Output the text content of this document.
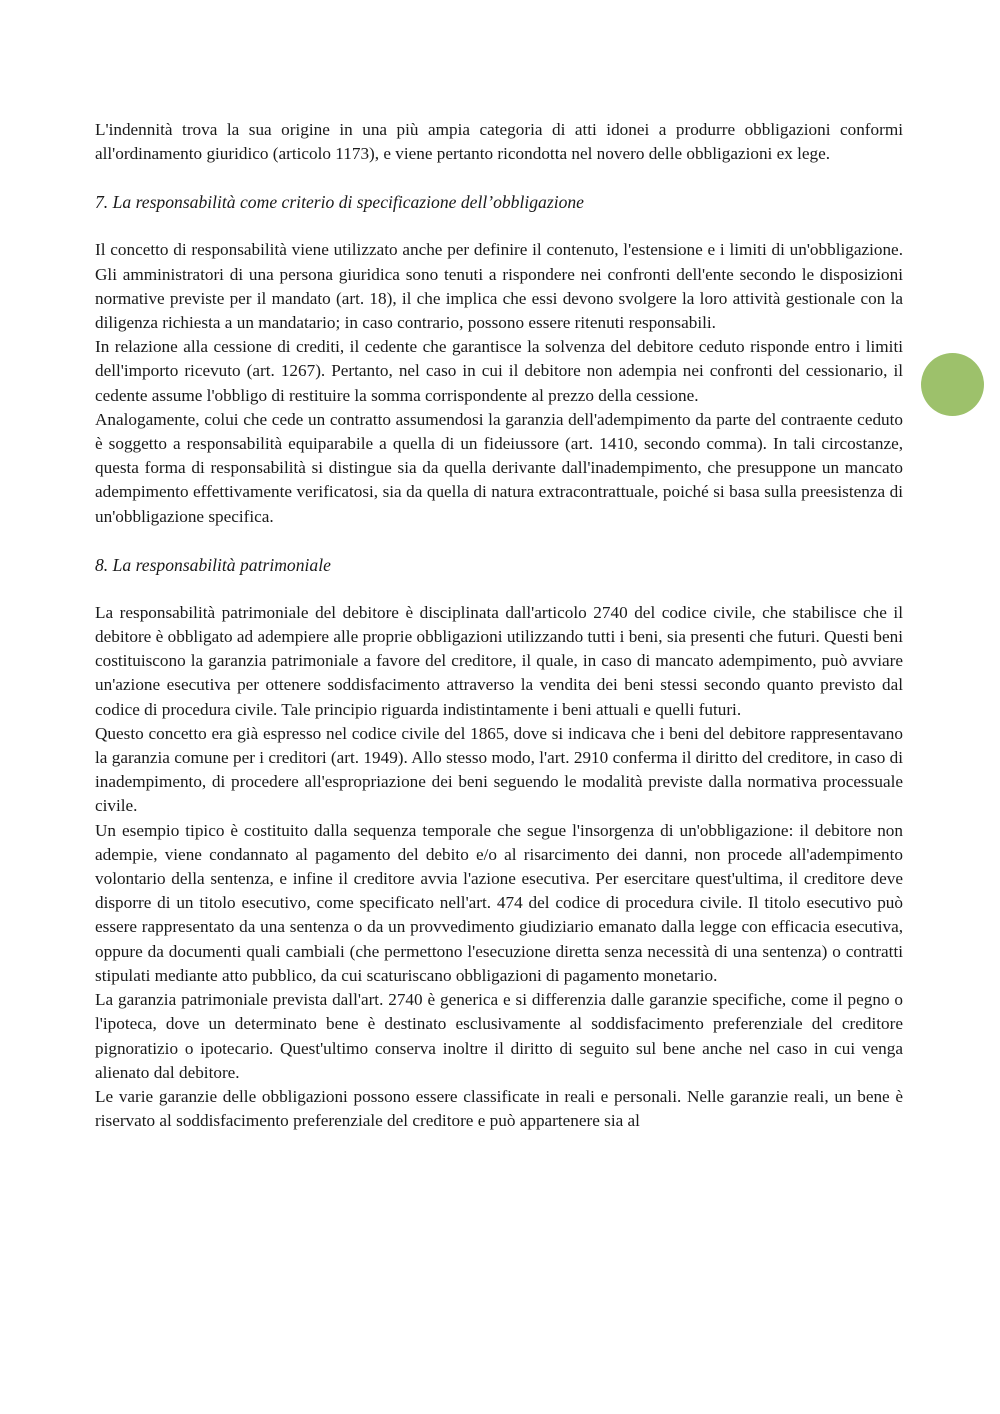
L'indennità trova la sua origine in una più ampia categoria di atti idonei a produrre obbligazioni conformi all'ordinamento giuridico (articolo 1173), e viene pertanto ricondotta nel novero delle obbligazioni ex lege.

7. La responsabilità come criterio di specificazione dell’obbligazione

Il concetto di responsabilità viene utilizzato anche per definire il contenuto, l'estensione e i limiti di un'obbligazione. Gli amministratori di una persona giuridica sono tenuti a rispondere nei confronti dell'ente secondo le disposizioni normative previste per il mandato (art. 18), il che implica che essi devono svolgere la loro attività gestionale con la diligenza richiesta a un mandatario; in caso contrario, possono essere ritenuti responsabili.

In relazione alla cessione di crediti, il cedente che garantisce la solvenza del debitore ceduto risponde entro i limiti dell'importo ricevuto (art. 1267). Pertanto, nel caso in cui il debitore non adempia nei confronti del cessionario, il cedente assume l'obbligo di restituire la somma corrispondente al prezzo della cessione.

Analogamente, colui che cede un contratto assumendosi la garanzia dell'adempimento da parte del contraente ceduto è soggetto a responsabilità equiparabile a quella di un fideiussore (art. 1410, secondo comma). In tali circostanze, questa forma di responsabilità si distingue sia da quella derivante dall'inadempimento, che presuppone un mancato adempimento effettivamente verificatosi, sia da quella di natura extracontrattuale, poiché si basa sulla preesistenza di un'obbligazione specifica.

8. La responsabilità patrimoniale

La responsabilità patrimoniale del debitore è disciplinata dall'articolo 2740 del codice civile, che stabilisce che il debitore è obbligato ad adempiere alle proprie obbligazioni utilizzando tutti i beni, sia presenti che futuri. Questi beni costituiscono la garanzia patrimoniale a favore del creditore, il quale, in caso di mancato adempimento, può avviare un'azione esecutiva per ottenere soddisfacimento attraverso la vendita dei beni stessi secondo quanto previsto dal codice di procedura civile. Tale principio riguarda indistintamente i beni attuali e quelli futuri.

Questo concetto era già espresso nel codice civile del 1865, dove si indicava che i beni del debitore rappresentavano la garanzia comune per i creditori (art. 1949). Allo stesso modo, l'art. 2910 conferma il diritto del creditore, in caso di inadempimento, di procedere all'espropriazione dei beni seguendo le modalità previste dalla normativa processuale civile.

Un esempio tipico è costituito dalla sequenza temporale che segue l'insorgenza di un'obbligazione: il debitore non adempie, viene condannato al pagamento del debito e/o al risarcimento dei danni, non procede all'adempimento volontario della sentenza, e infine il creditore avvia l'azione esecutiva. Per esercitare quest'ultima, il creditore deve disporre di un titolo esecutivo, come specificato nell'art. 474 del codice di procedura civile. Il titolo esecutivo può essere rappresentato da una sentenza o da un provvedimento giudiziario emanato dalla legge con efficacia esecutiva, oppure da documenti quali cambiali (che permettono l'esecuzione diretta senza necessità di una sentenza) o contratti stipulati mediante atto pubblico, da cui scaturiscano obbligazioni di pagamento monetario.

La garanzia patrimoniale prevista dall'art. 2740 è generica e si differenzia dalle garanzie specifiche, come il pegno o l'ipoteca, dove un determinato bene è destinato esclusivamente al soddisfacimento preferenziale del creditore pignoratizio o ipotecario. Quest'ultimo conserva inoltre il diritto di seguito sul bene anche nel caso in cui venga alienato dal debitore.

Le varie garanzie delle obbligazioni possono essere classificate in reali e personali. Nelle garanzie reali, un bene è riservato al soddisfacimento preferenziale del creditore e può appartenere sia al
